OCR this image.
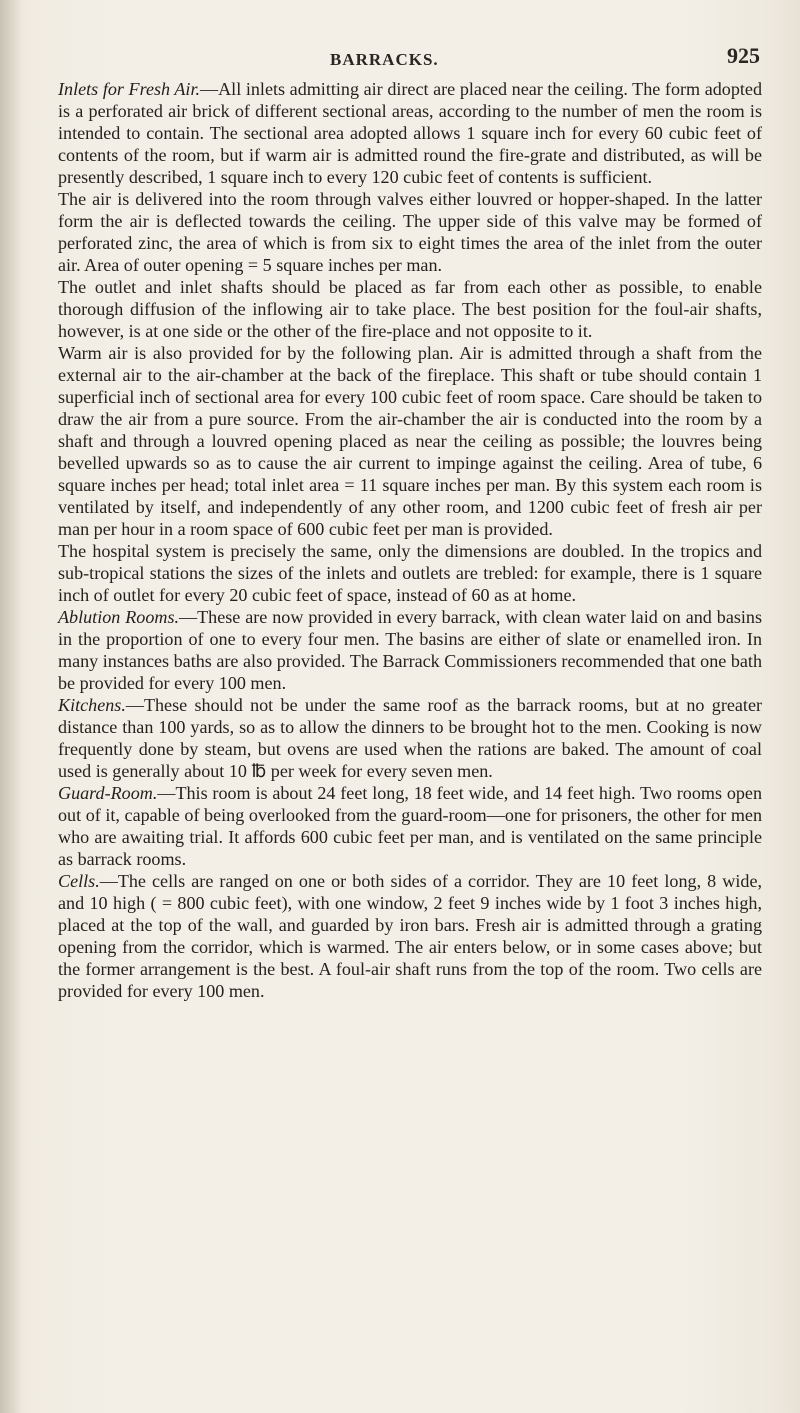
BARRACKS.	925

Inlets for Fresh Air.—All inlets admitting air direct are placed near the ceiling. The form adopted is a perforated air brick of different sectional areas, according to the number of men the room is intended to contain. The sectional area adopted allows 1 square inch for every 60 cubic feet of contents of the room, but if warm air is admitted round the fire-grate and distributed, as will be presently described, 1 square inch to every 120 cubic feet of contents is sufficient.

The air is delivered into the room through valves either louvred or hopper-shaped. In the latter form the air is deflected towards the ceiling. The upper side of this valve may be formed of perforated zinc, the area of which is from six to eight times the area of the inlet from the outer air. Area of outer opening = 5 square inches per man.

The outlet and inlet shafts should be placed as far from each other as possible, to enable thorough diffusion of the inflowing air to take place. The best position for the foul-air shafts, however, is at one side or the other of the fire-place and not opposite to it.

Warm air is also provided for by the following plan. Air is admitted through a shaft from the external air to the air-chamber at the back of the fireplace. This shaft or tube should contain 1 superficial inch of sectional area for every 100 cubic feet of room space. Care should be taken to draw the air from a pure source. From the air-chamber the air is conducted into the room by a shaft and through a louvred opening placed as near the ceiling as possible; the louvres being bevelled upwards so as to cause the air current to impinge against the ceiling. Area of tube, 6 square inches per head; total inlet area = 11 square inches per man. By this system each room is ventilated by itself, and independently of any other room, and 1200 cubic feet of fresh air per man per hour in a room space of 600 cubic feet per man is provided.

The hospital system is precisely the same, only the dimensions are doubled. In the tropics and sub-tropical stations the sizes of the inlets and outlets are trebled: for example, there is 1 square inch of outlet for every 20 cubic feet of space, instead of 60 as at home.

Ablution Rooms.—These are now provided in every barrack, with clean water laid on and basins in the proportion of one to every four men. The basins are either of slate or enamelled iron. In many instances baths are also provided. The Barrack Commissioners recommended that one bath be provided for every 100 men.

Kitchens.—These should not be under the same roof as the barrack rooms, but at no greater distance than 100 yards, so as to allow the dinners to be brought hot to the men. Cooking is now frequently done by steam, but ovens are used when the rations are baked. The amount of coal used is generally about 10 ℔ per week for every seven men.

Guard-Room.—This room is about 24 feet long, 18 feet wide, and 14 feet high. Two rooms open out of it, capable of being overlooked from the guard-room—one for prisoners, the other for men who are awaiting trial. It affords 600 cubic feet per man, and is ventilated on the same principle as barrack rooms.

Cells.—The cells are ranged on one or both sides of a corridor. They are 10 feet long, 8 wide, and 10 high ( = 800 cubic feet), with one window, 2 feet 9 inches wide by 1 foot 3 inches high, placed at the top of the wall, and guarded by iron bars. Fresh air is admitted through a grating opening from the corridor, which is warmed. The air enters below, or in some cases above; but the former arrangement is the best. A foul-air shaft runs from the top of the room. Two cells are provided for every 100 men.
